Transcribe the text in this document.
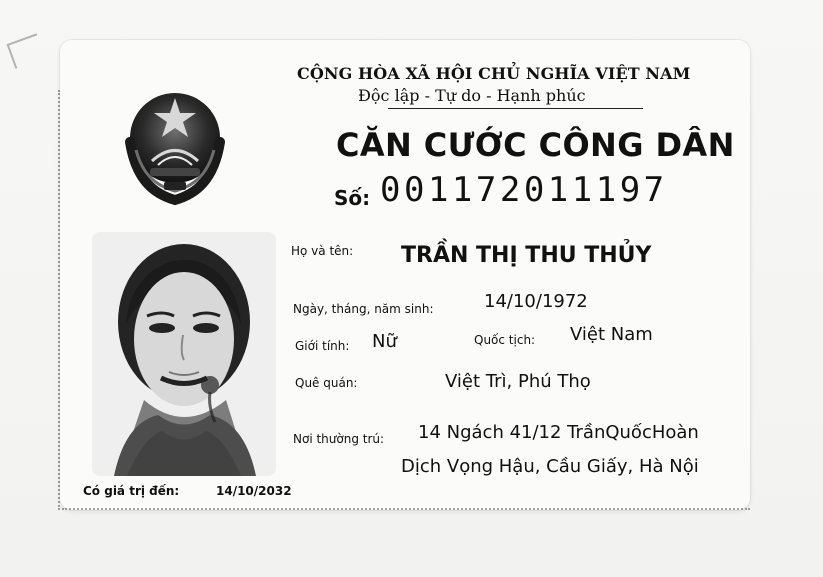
CỘNG HÒA XÃ HỘI CHỦ NGHĨA VIỆT NAM
Độc lập - Tự do - Hạnh phúc
CĂN CƯỚC CÔNG DÂN
Số: 001172011197
Họ và tên: TRẦN THỊ THU THỦY
Ngày, tháng, năm sinh:	14/10/1972
Giới tính: Nữ	Quốc tịch: Việt Nam
Quê quán:	Việt Trì, Phú Thọ
Nơi thường trú: 14 Ngách 41/12 TrầnQuốcHoàn
Dịch Vọng Hậu, Cầu Giấy, Hà Nội
Có giá trị đến:	14/10/2032
